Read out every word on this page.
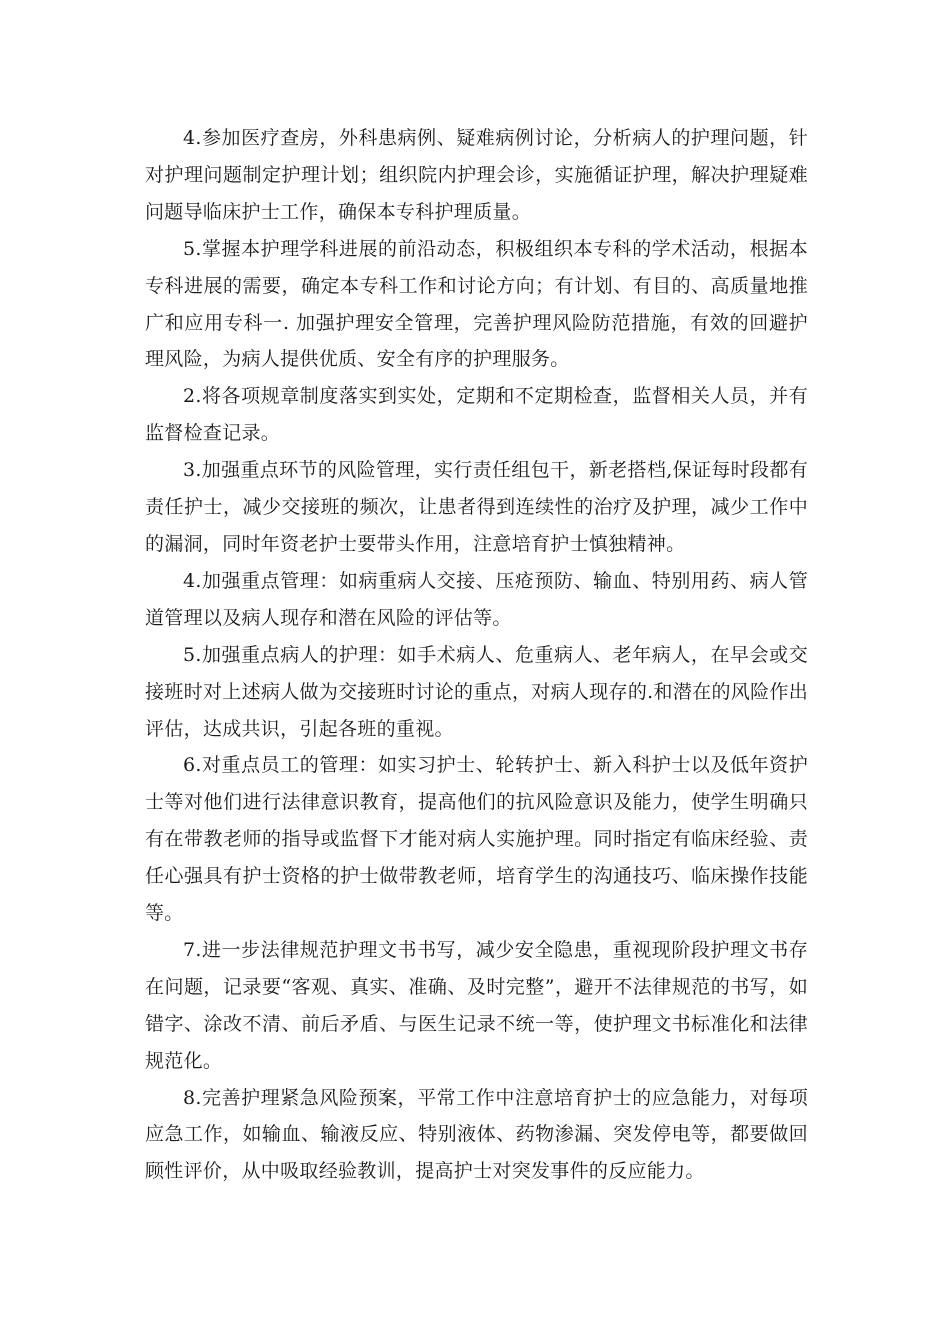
4.参加医疗查房，外科患病例、疑难病例讨论，分析病人的护理问题，针对护理问题制定护理计划；组织院内护理会诊，实施循证护理，解决护理疑难问题导临床护士工作，确保本专科护理质量。

5.掌握本护理学科进展的前沿动态，积极组织本专科的学术活动，根据本专科进展的需要，确定本专科工作和讨论方向；有计划、有目的、高质量地推广和应用专科一. 加强护理安全管理，完善护理风险防范措施，有效的回避护理风险，为病人提供优质、安全有序的护理服务。

2.将各项规章制度落实到实处，定期和不定期检查，监督相关人员，并有监督检查记录。

3.加强重点环节的风险管理，实行责任组包干，新老搭档,保证每时段都有责任护士，减少交接班的频次，让患者得到连续性的治疗及护理，减少工作中的漏洞，同时年资老护士要带头作用，注意培育护士慎独精神。

4.加强重点管理：如病重病人交接、压疮预防、输血、特别用药、病人管道管理以及病人现存和潜在风险的评估等。

5.加强重点病人的护理：如手术病人、危重病人、老年病人，在早会或交接班时对上述病人做为交接班时讨论的重点，对病人现存的.和潜在的风险作出评估，达成共识，引起各班的重视。

6.对重点员工的管理：如实习护士、轮转护士、新入科护士以及低年资护士等对他们进行法律意识教育，提高他们的抗风险意识及能力，使学生明确只有在带教老师的指导或监督下才能对病人实施护理。同时指定有临床经验、责任心强具有护士资格的护士做带教老师，培育学生的沟通技巧、临床操作技能等。

7.进一步法律规范护理文书书写，减少安全隐患，重视现阶段护理文书存在问题，记录要“客观、真实、准确、及时完整”，避开不法律规范的书写，如错字、涂改不清、前后矛盾、与医生记录不统一等，使护理文书标准化和法律规范化。

8.完善护理紧急风险预案，平常工作中注意培育护士的应急能力，对每项应急工作，如输血、输液反应、特别液体、药物渗漏、突发停电等，都要做回顾性评价，从中吸取经验教训，提高护士对突发事件的反应能力。
